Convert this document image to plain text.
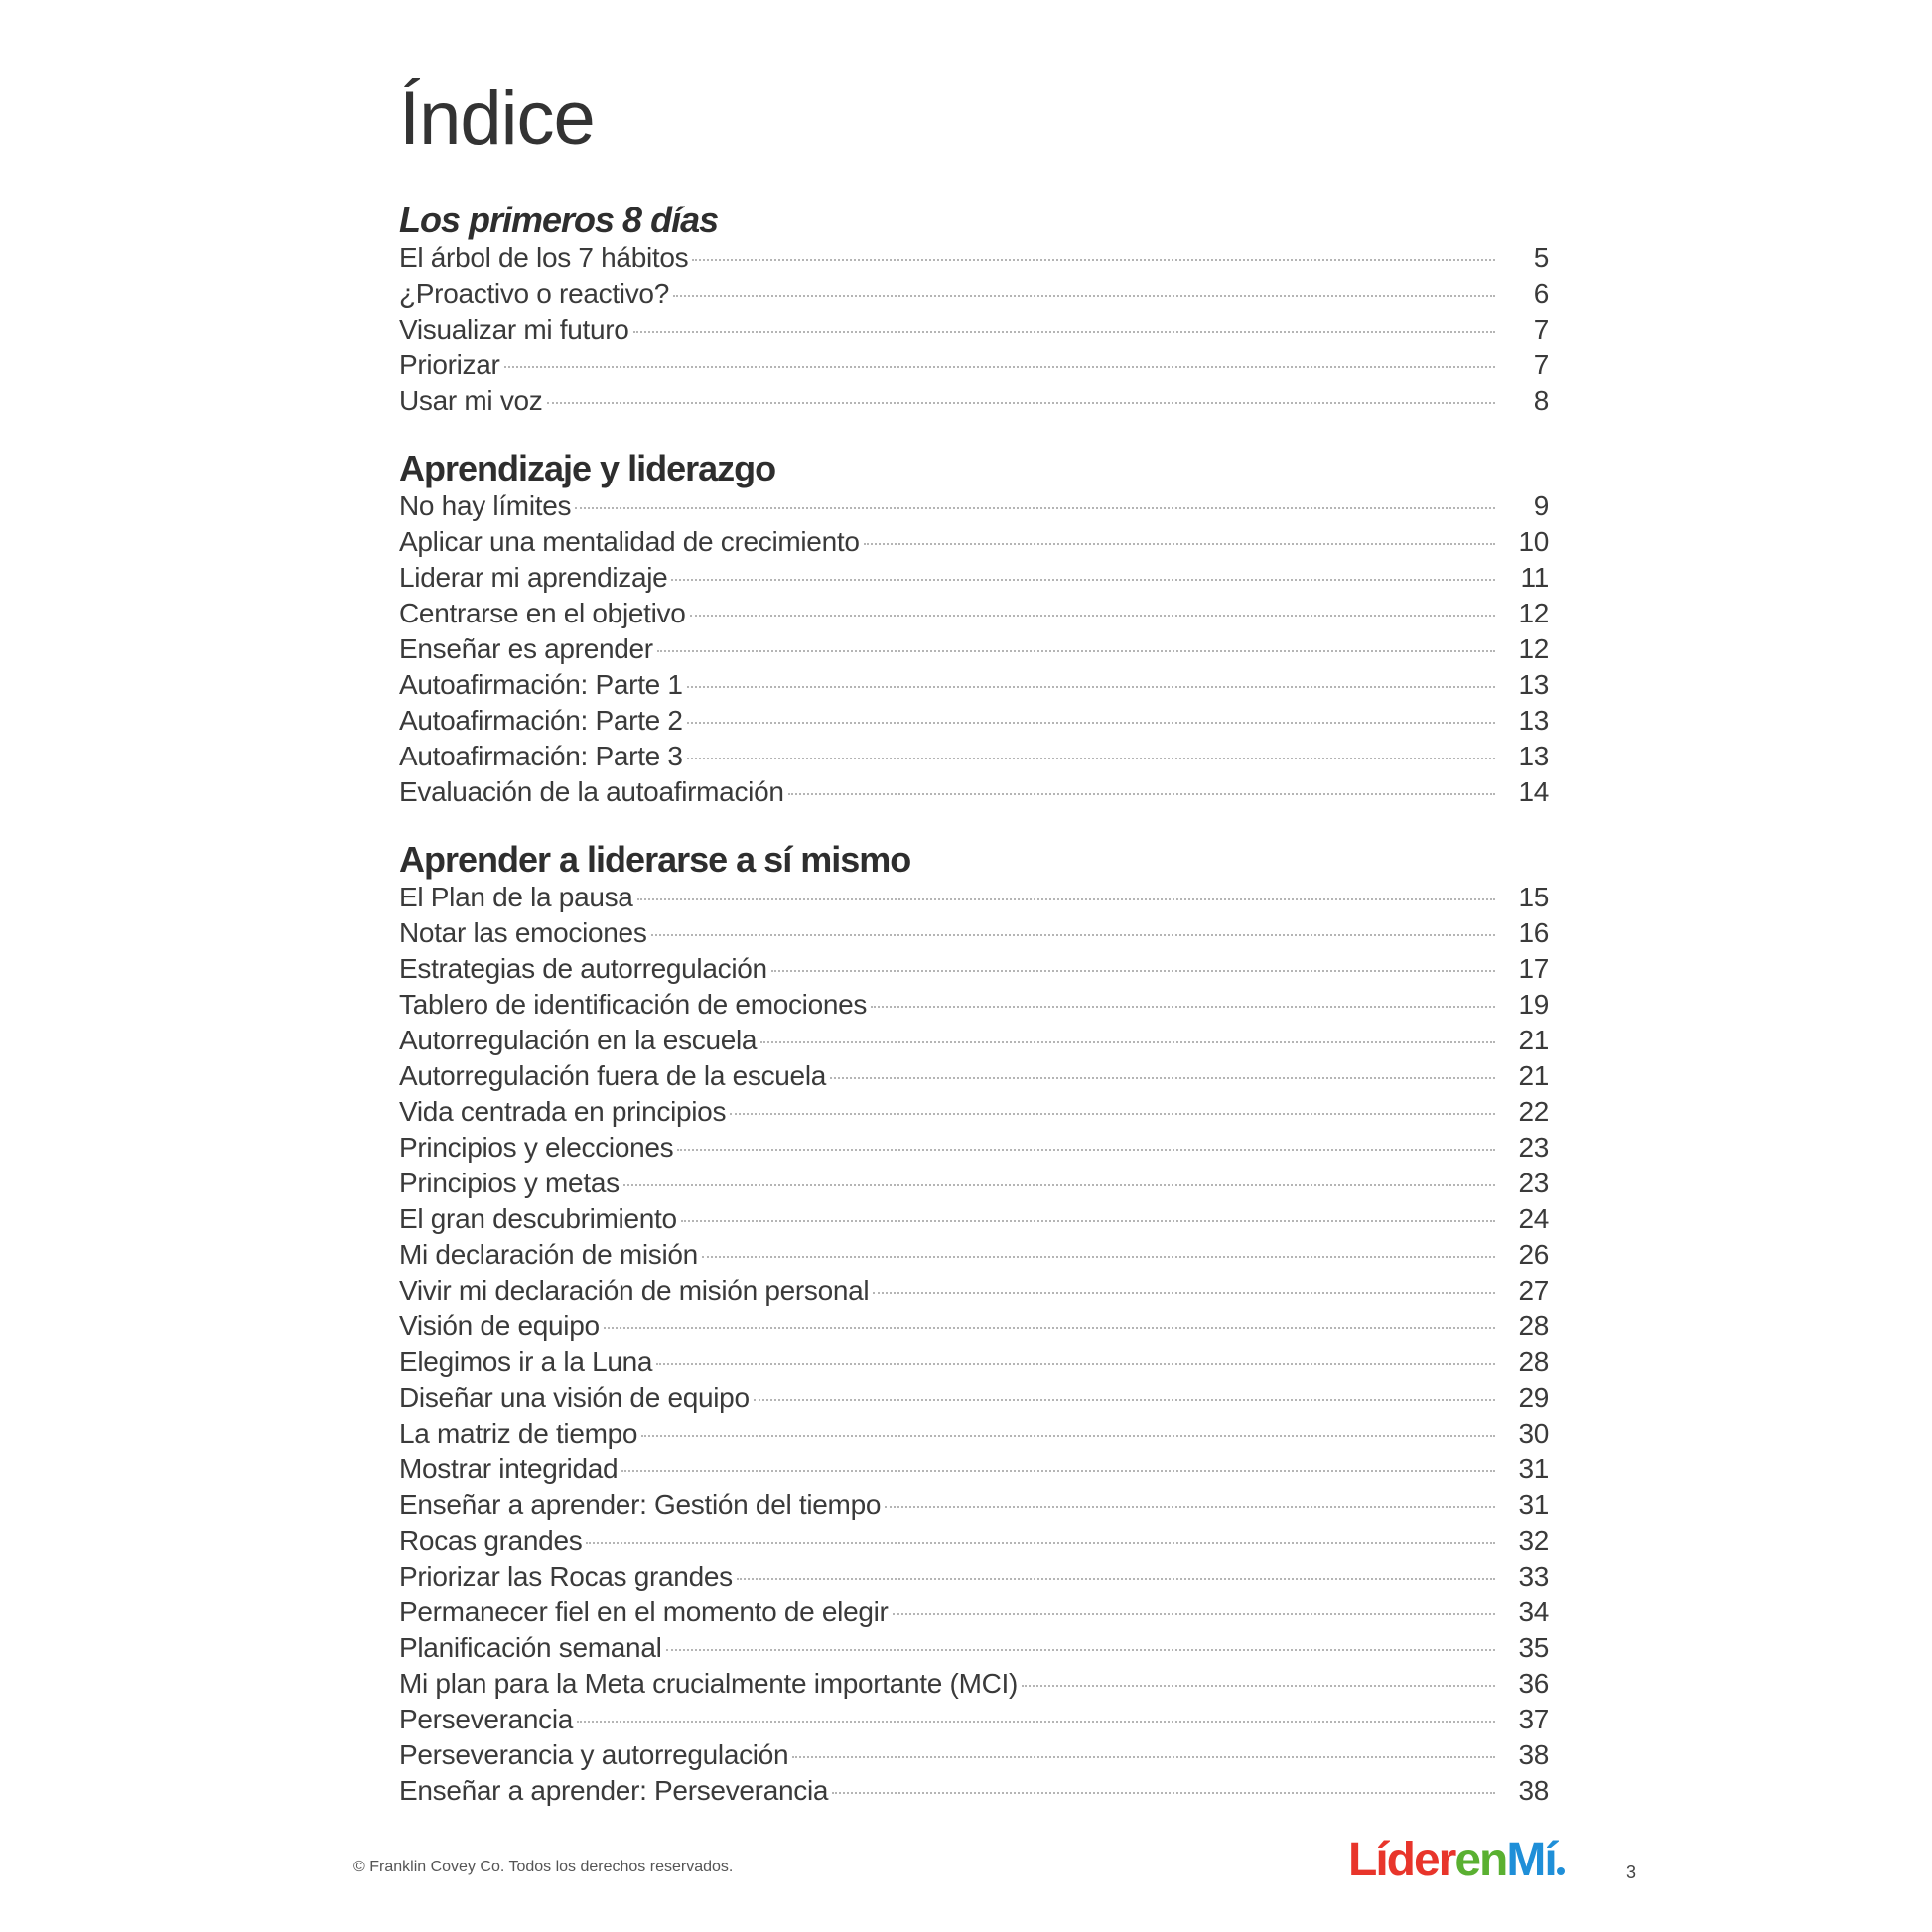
Índice
Los primeros 8 días
El árbol de los 7 hábitos	5
¿Proactivo o reactivo?	6
Visualizar mi futuro	7
Priorizar	7
Usar mi voz	8
Aprendizaje y liderazgo
No hay límites	9
Aplicar una mentalidad de crecimiento	10
Liderar mi aprendizaje	11
Centrarse en el objetivo	12
Enseñar es aprender	12
Autoafirmación: Parte 1	13
Autoafirmación: Parte 2	13
Autoafirmación: Parte 3	13
Evaluación de la autoafirmación	14
Aprender a liderarse a sí mismo
El Plan de la pausa	15
Notar las emociones	16
Estrategias de autorregulación	17
Tablero de identificación de emociones	19
Autorregulación en la escuela	21
Autorregulación fuera de la escuela	21
Vida centrada en principios	22
Principios y elecciones	23
Principios y metas	23
El gran descubrimiento	24
Mi declaración de misión	26
Vivir mi declaración de misión personal	27
Visión de equipo	28
Elegimos ir a la Luna	28
Diseñar una visión de equipo	29
La matriz de tiempo	30
Mostrar integridad	31
Enseñar a aprender: Gestión del tiempo	31
Rocas grandes	32
Priorizar las Rocas grandes	33
Permanecer fiel en el momento de elegir	34
Planificación semanal	35
Mi plan para la Meta crucialmente importante (MCI)	36
Perseverancia	37
Perseverancia y autorregulación	38
Enseñar a aprender: Perseverancia	38
© Franklin Covey Co. Todos los derechos reservados.	LíderenMí	3
